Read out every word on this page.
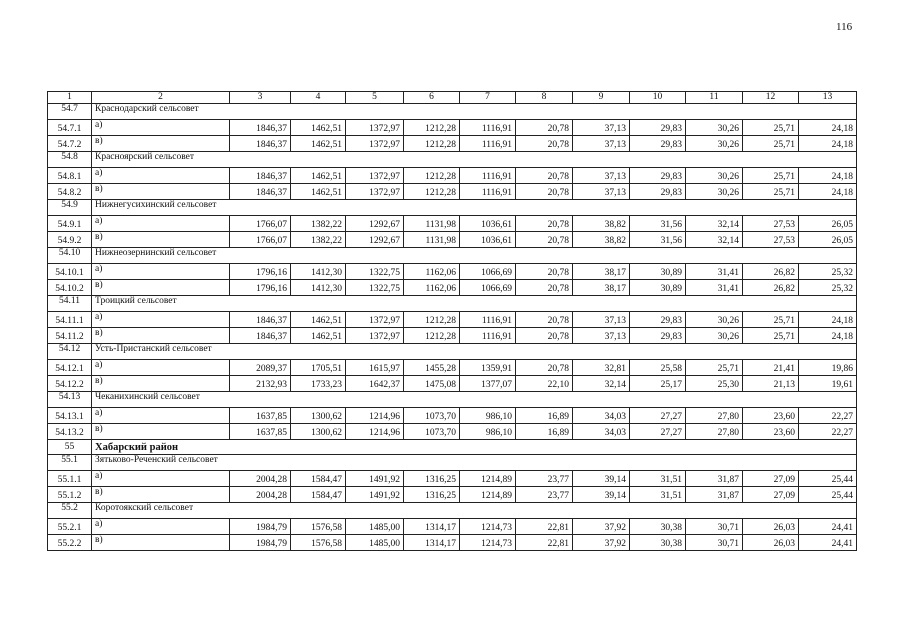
116
1	2	3	4	5	6	7	8	9	10	11	12	13
54.7	Краснодарский сельсовет											
54.7.1	а)	1846,37	1462,51	1372,97	1212,28	1116,91	20,78	37,13	29,83	30,26	25,71	24,18
54.7.2	в)	1846,37	1462,51	1372,97	1212,28	1116,91	20,78	37,13	29,83	30,26	25,71	24,18
54.8	Красноярский сельсовет											
54.8.1	а)	1846,37	1462,51	1372,97	1212,28	1116,91	20,78	37,13	29,83	30,26	25,71	24,18
54.8.2	в)	1846,37	1462,51	1372,97	1212,28	1116,91	20,78	37,13	29,83	30,26	25,71	24,18
54.9	Нижнегусихинский сельсовет											
54.9.1	а)	1766,07	1382,22	1292,67	1131,98	1036,61	20,78	38,82	31,56	32,14	27,53	26,05
54.9.2	в)	1766,07	1382,22	1292,67	1131,98	1036,61	20,78	38,82	31,56	32,14	27,53	26,05
54.10	Нижнеозернинский сельсовет											
54.10.1	а)	1796,16	1412,30	1322,75	1162,06	1066,69	20,78	38,17	30,89	31,41	26,82	25,32
54.10.2	в)	1796,16	1412,30	1322,75	1162,06	1066,69	20,78	38,17	30,89	31,41	26,82	25,32
54.11	Троицкий сельсовет											
54.11.1	а)	1846,37	1462,51	1372,97	1212,28	1116,91	20,78	37,13	29,83	30,26	25,71	24,18
54.11.2	в)	1846,37	1462,51	1372,97	1212,28	1116,91	20,78	37,13	29,83	30,26	25,71	24,18
54.12	Усть-Пристанский сельсовет											
54.12.1	а)	2089,37	1705,51	1615,97	1455,28	1359,91	20,78	32,81	25,58	25,71	21,41	19,86
54.12.2	в)	2132,93	1733,23	1642,37	1475,08	1377,07	22,10	32,14	25,17	25,30	21,13	19,61
54.13	Чеканихинский сельсовет											
54.13.1	а)	1637,85	1300,62	1214,96	1073,70	986,10	16,89	34,03	27,27	27,80	23,60	22,27
54.13.2	в)	1637,85	1300,62	1214,96	1073,70	986,10	16,89	34,03	27,27	27,80	23,60	22,27
55	Хабарский район											
55.1	Зятьково-Реченский сельсовет											
55.1.1	а)	2004,28	1584,47	1491,92	1316,25	1214,89	23,77	39,14	31,51	31,87	27,09	25,44
55.1.2	в)	2004,28	1584,47	1491,92	1316,25	1214,89	23,77	39,14	31,51	31,87	27,09	25,44
55.2	Коротоякский сельсовет											
55.2.1	а)	1984,79	1576,58	1485,00	1314,17	1214,73	22,81	37,92	30,38	30,71	26,03	24,41
55.2.2	в)	1984,79	1576,58	1485,00	1314,17	1214,73	22,81	37,92	30,38	30,71	26,03	24,41
